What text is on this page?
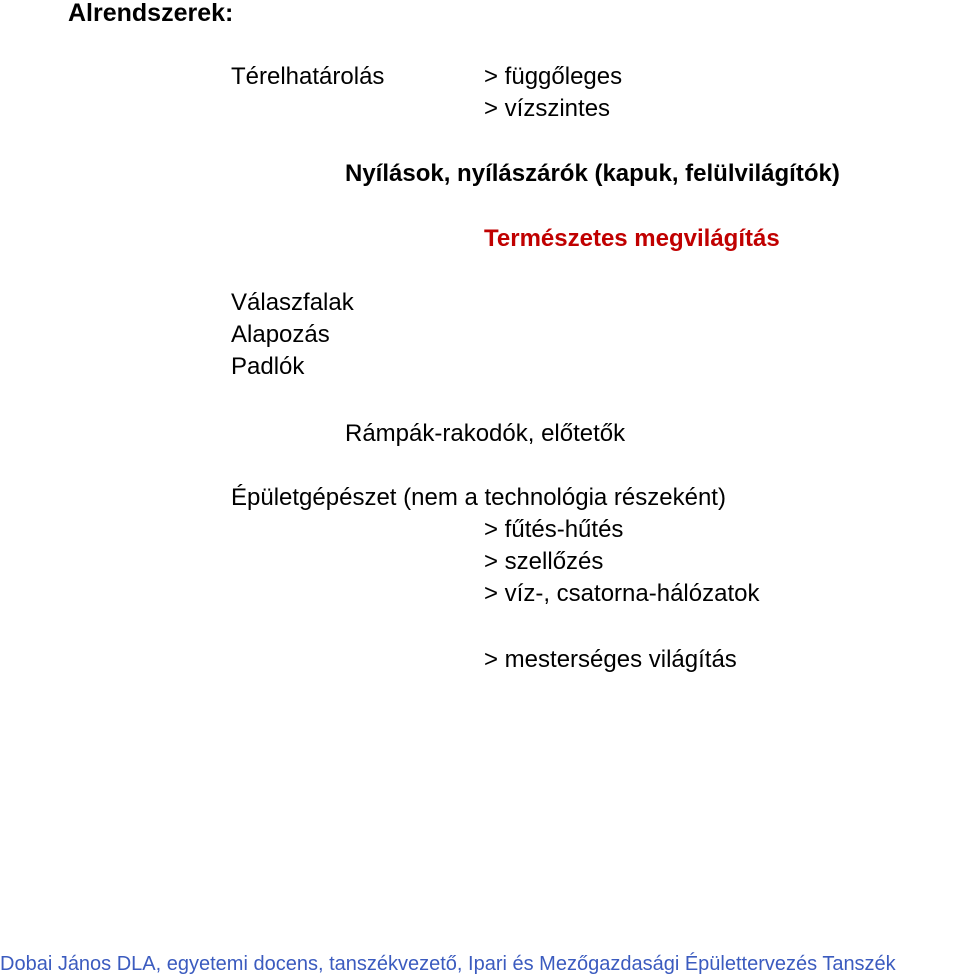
Alrendszerek:

Térelhatárolás	> függőleges

> vízszintes

Nyílások, nyílászárók (kapuk, felülvilágítók)

Természetes megvilágítás

Válaszfalak

Alapozás

Padlók

Rámpák-rakodók, előtetők

Épületgépészet (nem a technológia részeként)

> fűtés-hűtés

> szellőzés

> víz-, csatorna-hálózatok

> mesterséges világítás

Dobai János DLA, egyetemi docens, tanszékvezető, Ipari és Mezőgazdasági Épülettervezés Tanszék
